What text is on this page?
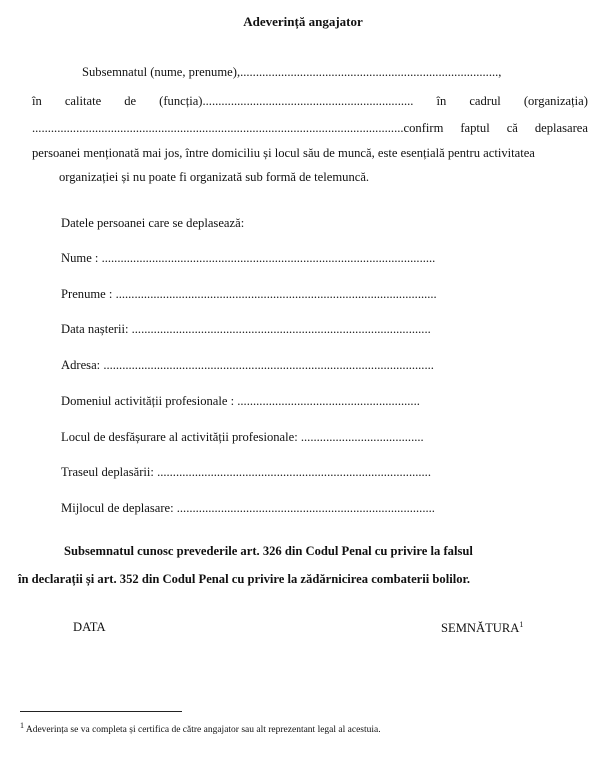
Adeverință angajator
Subsemnatul (nume, prenume),..................................................................................,
în calitate de (funcția)................................................................... în cadrul (organizația)
......................................................................................................................confirm faptul că deplasarea
persoanei menționată mai jos, între domiciliu și locul său de muncă, este esențială pentru activitatea
organizației și nu poate fi organizată sub formă de telemuncă.
Datele persoanei care se deplasează:
Nume : ..........................................................................................................
Prenume : ......................................................................................................
Data nașterii: ...............................................................................................
Adresa: .........................................................................................................
Domeniul activității profesionale : ..........................................................
Locul de desfășurare al activității profesionale: .......................................
Traseul deplasării: .......................................................................................
Mijlocul de deplasare: ..................................................................................
Subsemnatul cunosc prevederile art. 326 din Codul Penal cu privire la falsul
în declarații și art. 352 din Codul Penal cu privire la zădărnicirea combaterii bolilor.
DATA	SEMNĂTURA$^1$
$^1$ Adeverința se va completa și certifica de către angajator sau alt reprezentant legal al acestuia.
